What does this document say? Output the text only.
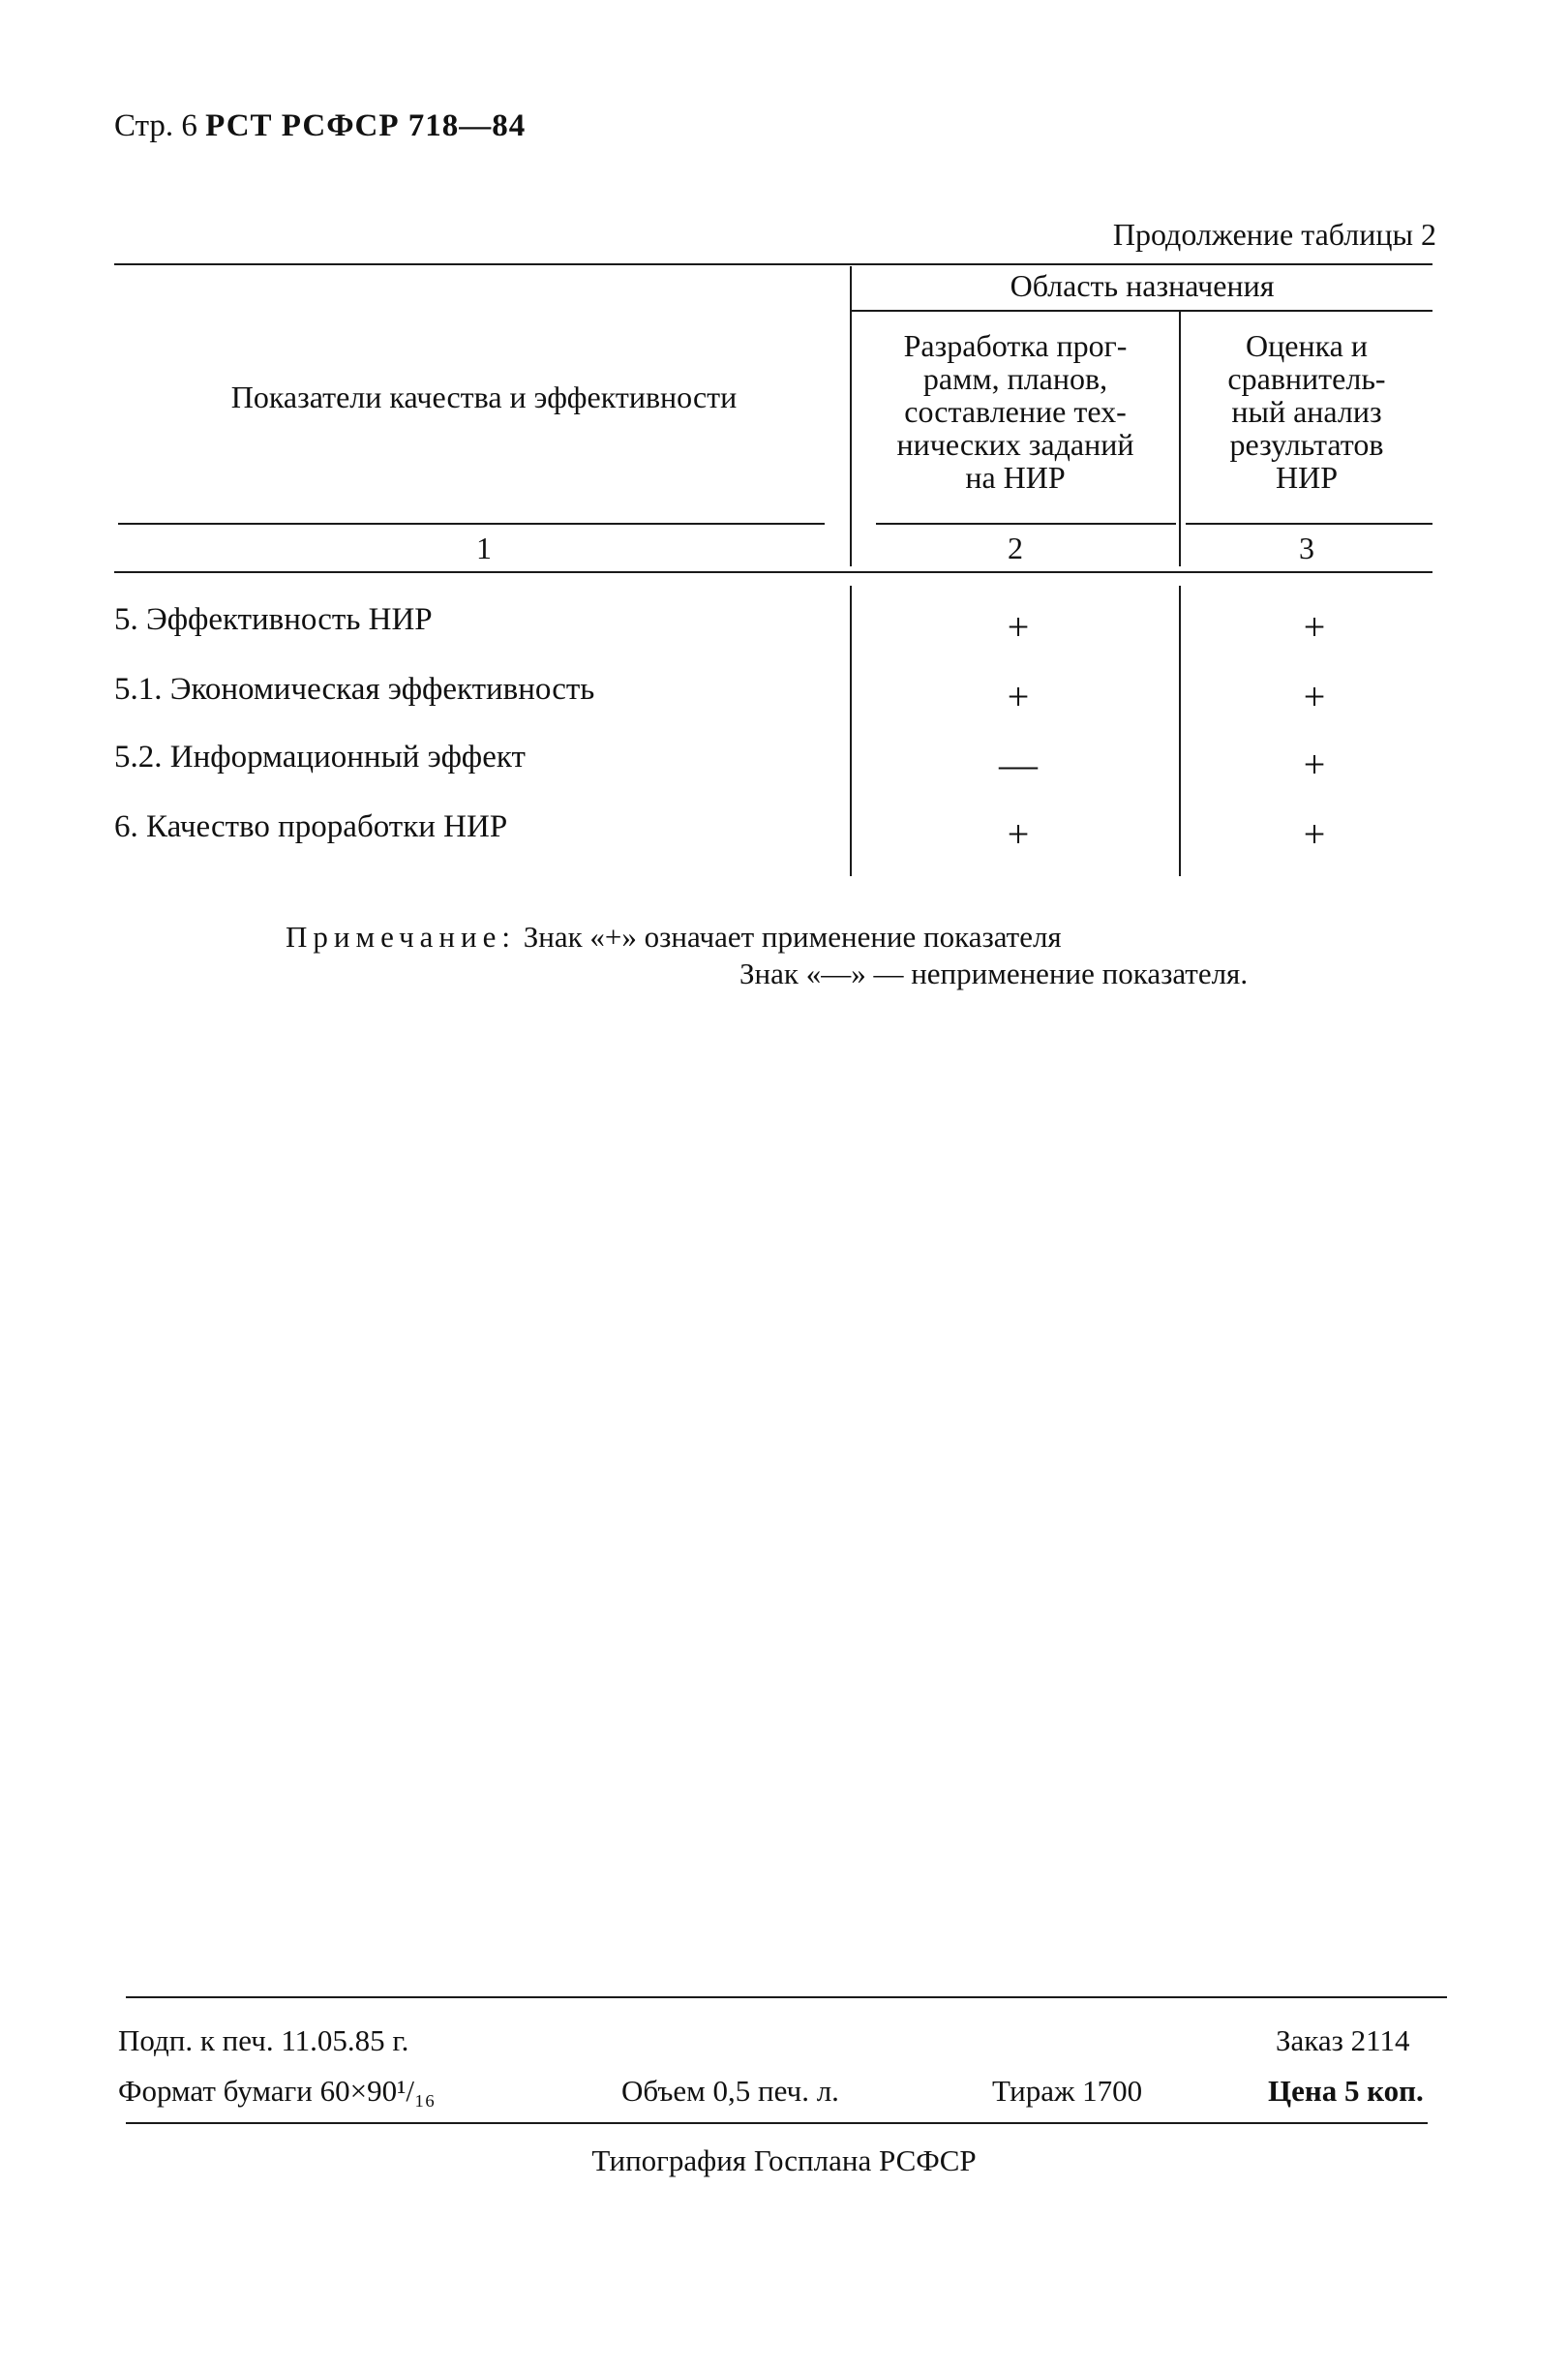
Стр. 6 РСТ РСФСР 718—84
Продолжение таблицы 2
Показатели качества и эффективности
Область назначения
Разработка прог-
рамм, планов,
составление тех-
нических заданий
на НИР
Оценка и
сравнитель-
ный анализ
результатов
НИР
1	2	3
5. Эффективность НИР	+	+
5.1. Экономическая эффективность	+	+
5.2. Информационный эффект	—	+
6. Качество проработки НИР	+	+
Примечание: Знак «+» означает применение показателя
Знак «—» — неприменение показателя.
Подп. к печ. 11.05.85 г.	Заказ 2114
Формат бумаги 60×90¹/₁₆	Объем 0,5 печ. л.	Тираж 1700	Цена 5 коп.
Типография Госплана РСФСР
